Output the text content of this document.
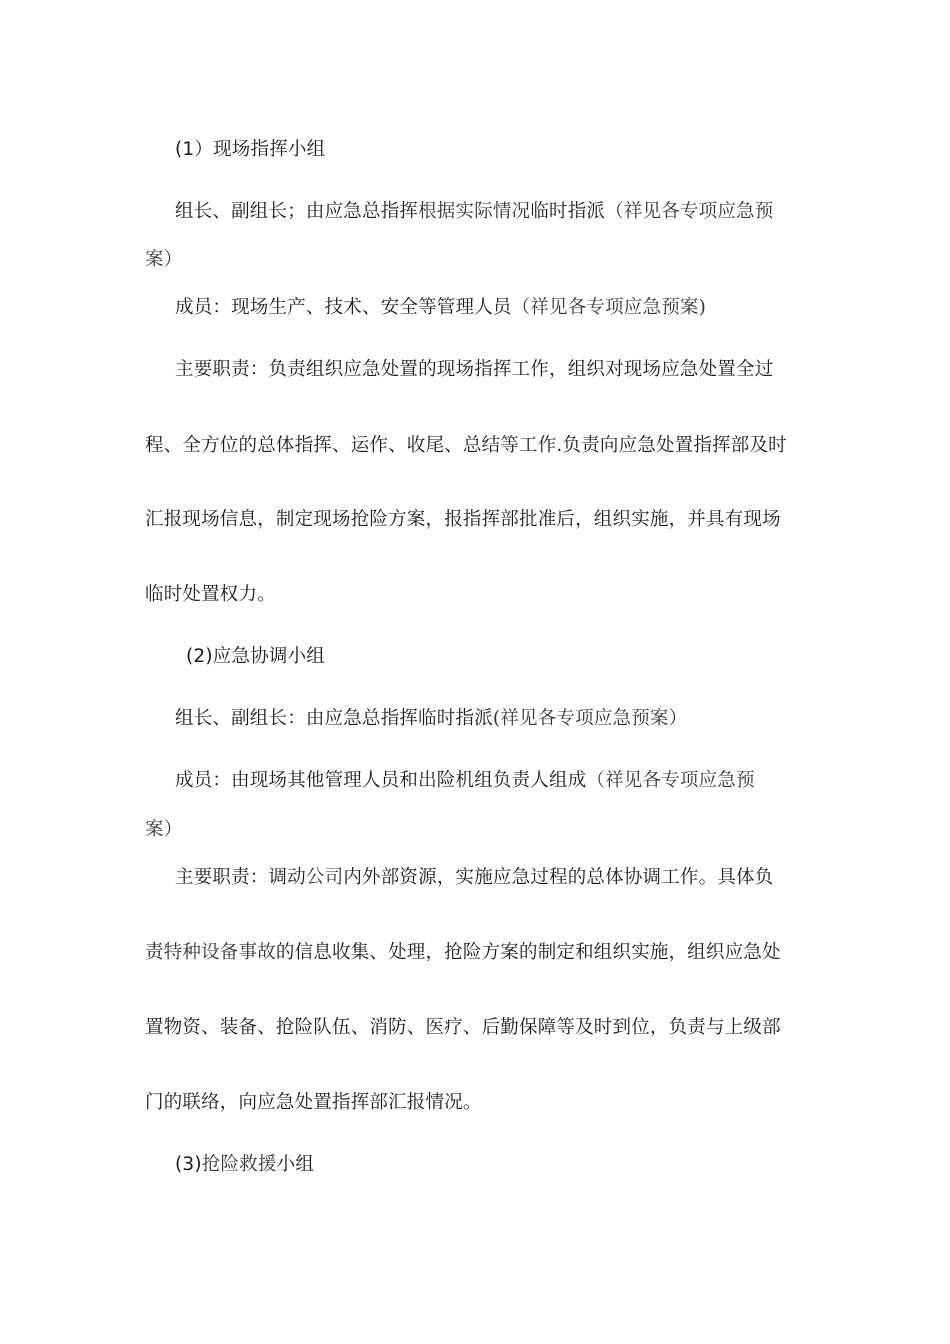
(1）现场指挥小组
组长、副组长；由应急总指挥根据实际情况临时指派（祥见各专项应急预
案）
成员：现场生产、技术、安全等管理人员（祥见各专项应急预案)
主要职责：负责组织应急处置的现场指挥工作，组织对现场应急处置全过
程、全方位的总体指挥、运作、收尾、总结等工作.负责向应急处置指挥部及时
汇报现场信息，制定现场抢险方案，报指挥部批准后，组织实施，并具有现场
临时处置权力。
(2)应急协调小组
组长、副组长：由应急总指挥临时指派(祥见各专项应急预案）
成员：由现场其他管理人员和出险机组负责人组成（祥见各专项应急预
案）
主要职责：调动公司内外部资源，实施应急过程的总体协调工作。具体负
责特种设备事故的信息收集、处理，抢险方案的制定和组织实施，组织应急处
置物资、装备、抢险队伍、消防、医疗、后勤保障等及时到位，负责与上级部
门的联络，向应急处置指挥部汇报情况。
(3)抢险救援小组
